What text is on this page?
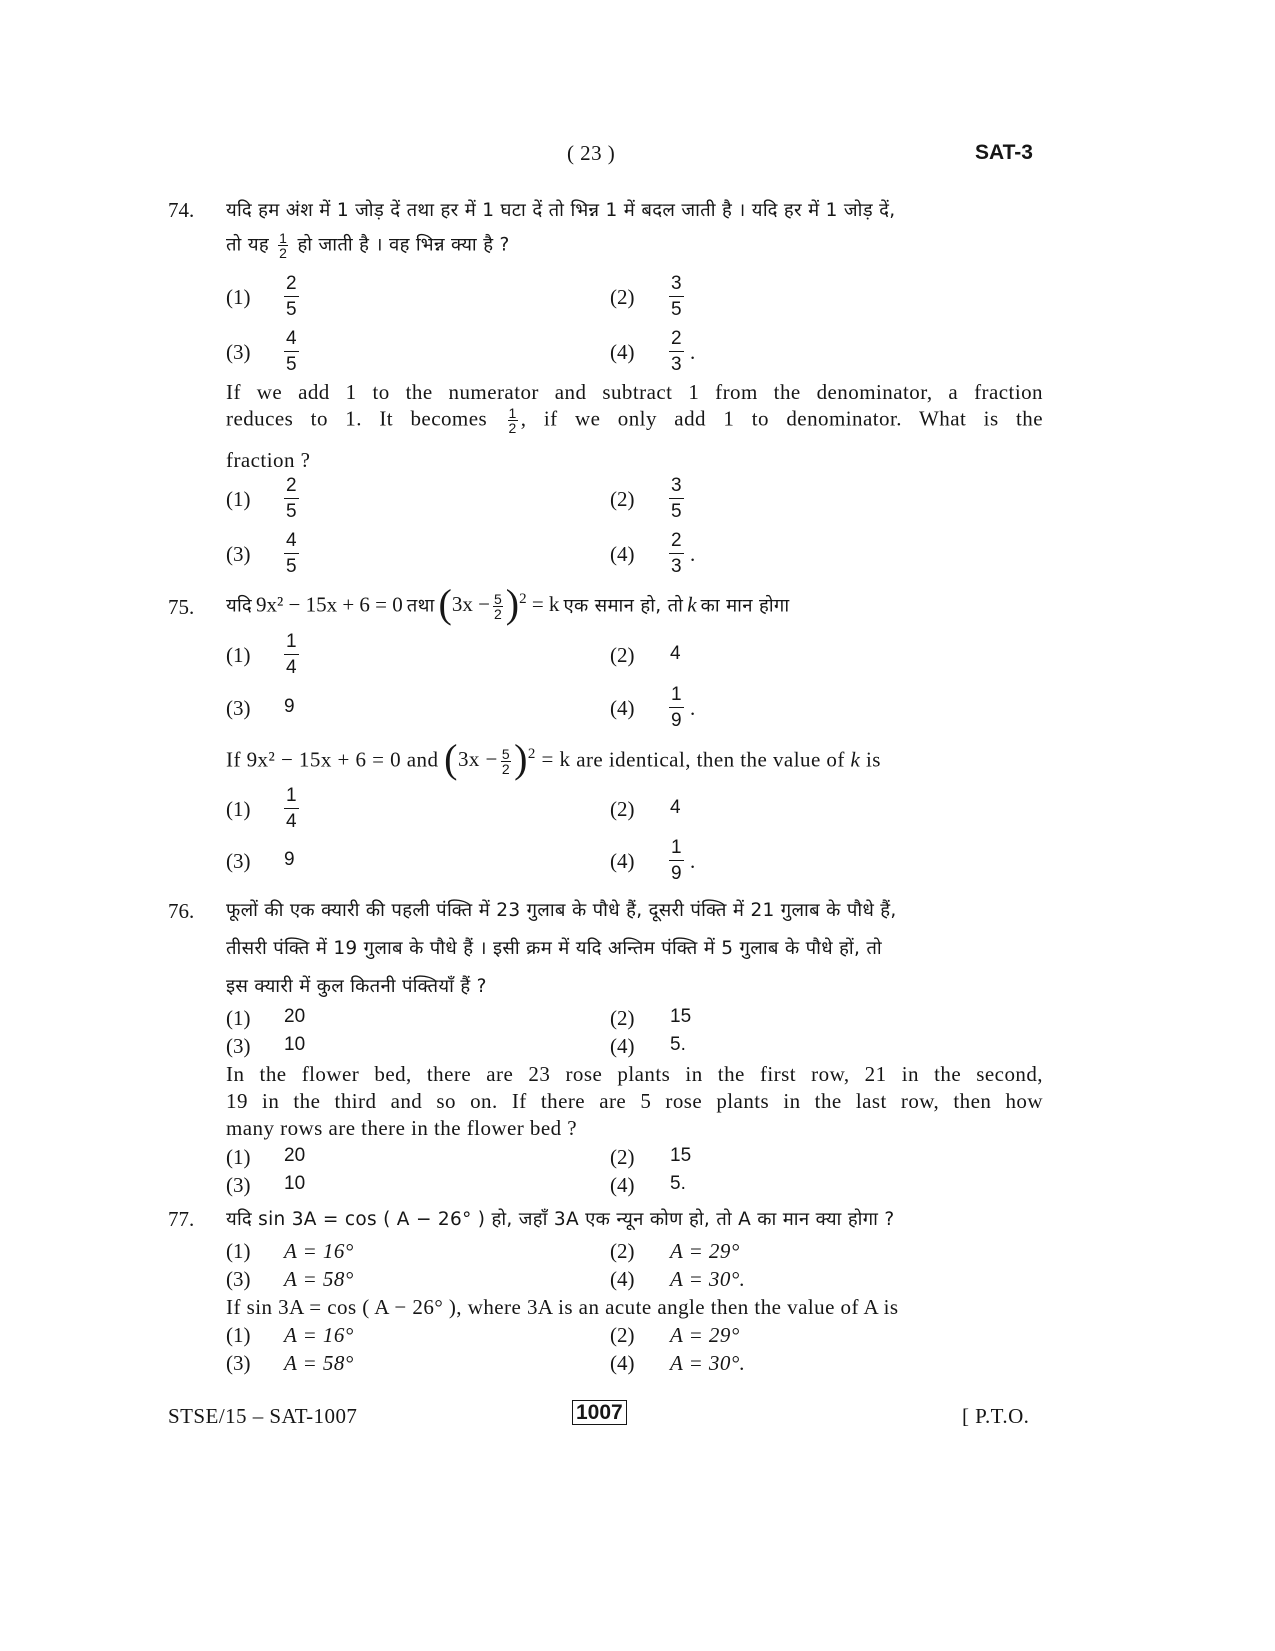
( 23 )	SAT-3
74. यदि हम अंश में 1 जोड़ दें तथा हर में 1 घटा दें तो भिन्न 1 में बदल जाती है । यदि हर में 1 जोड़ दें,
तो यह $\frac{1}{2}$ हो जाती है । वह भिन्न क्या है ?
$(1) \frac{2}{5}$	$(2) \frac{3}{5}$
$(3) \frac{4}{5}$	$(4) \frac{2}{3}$ .
If we add 1 to the numerator and subtract 1 from the denominator, a fraction
reduces to 1. It becomes $\frac{1}{2}$ , if we only add 1 to denominator. What is the
fraction ?
$(1) \frac{2}{5}$	$(2) \frac{3}{5}$
$(3) \frac{4}{5}$	$(4) \frac{2}{3}$ .
75. यदि 9x² − 15x + 6 = 0 तथा $(3x - \frac{5}{2} )^2 = k$ एक समान हो, तो k का मान होगा
$(1) \frac{1}{4}$	(2) 4
(3) 9	$(4) \frac{1}{9}$ .
If 9x² − 15x + 6 = 0 and $(3x - \frac{5}{2} )^2 = k$ are identical, then the value of k is
$(1) \frac{1}{4}$	(2) 4
(3) 9	$(4) \frac{1}{9}$ .
76. फूलों की एक क्यारी की पहली पंक्ति में 23 गुलाब के पौधे हैं, दूसरी पंक्ति में 21 गुलाब के पौधे हैं,
तीसरी पंक्ति में 19 गुलाब के पौधे हैं । इसी क्रम में यदि अन्तिम पंक्ति में 5 गुलाब के पौधे हों, तो
इस क्यारी में कुल कितनी पंक्तियाँ हैं ?
(1) 20	(2) 15
(3) 10	(4) 5.
In the flower bed, there are 23 rose plants in the first row, 21 in the second,
19 in the third and so on. If there are 5 rose plants in the last row, then how
many rows are there in the flower bed ?
(1) 20	(2) 15
(3) 10	(4) 5.
77. यदि sin 3A = cos ( A − 26° ) हो, जहाँ 3A एक न्यून कोण हो, तो A का मान क्या होगा ?
(1) A = 16°	(2) A = 29°
(3) A = 58°	(4) A = 30°.
If sin 3A = cos ( A − 26° ), where 3A is an acute angle then the value of A is
(1) A = 16°	(2) A = 29°
(3) A = 58°	(4) A = 30°.
STSE/15 – SAT-1007	1007	[ P.T.O.
